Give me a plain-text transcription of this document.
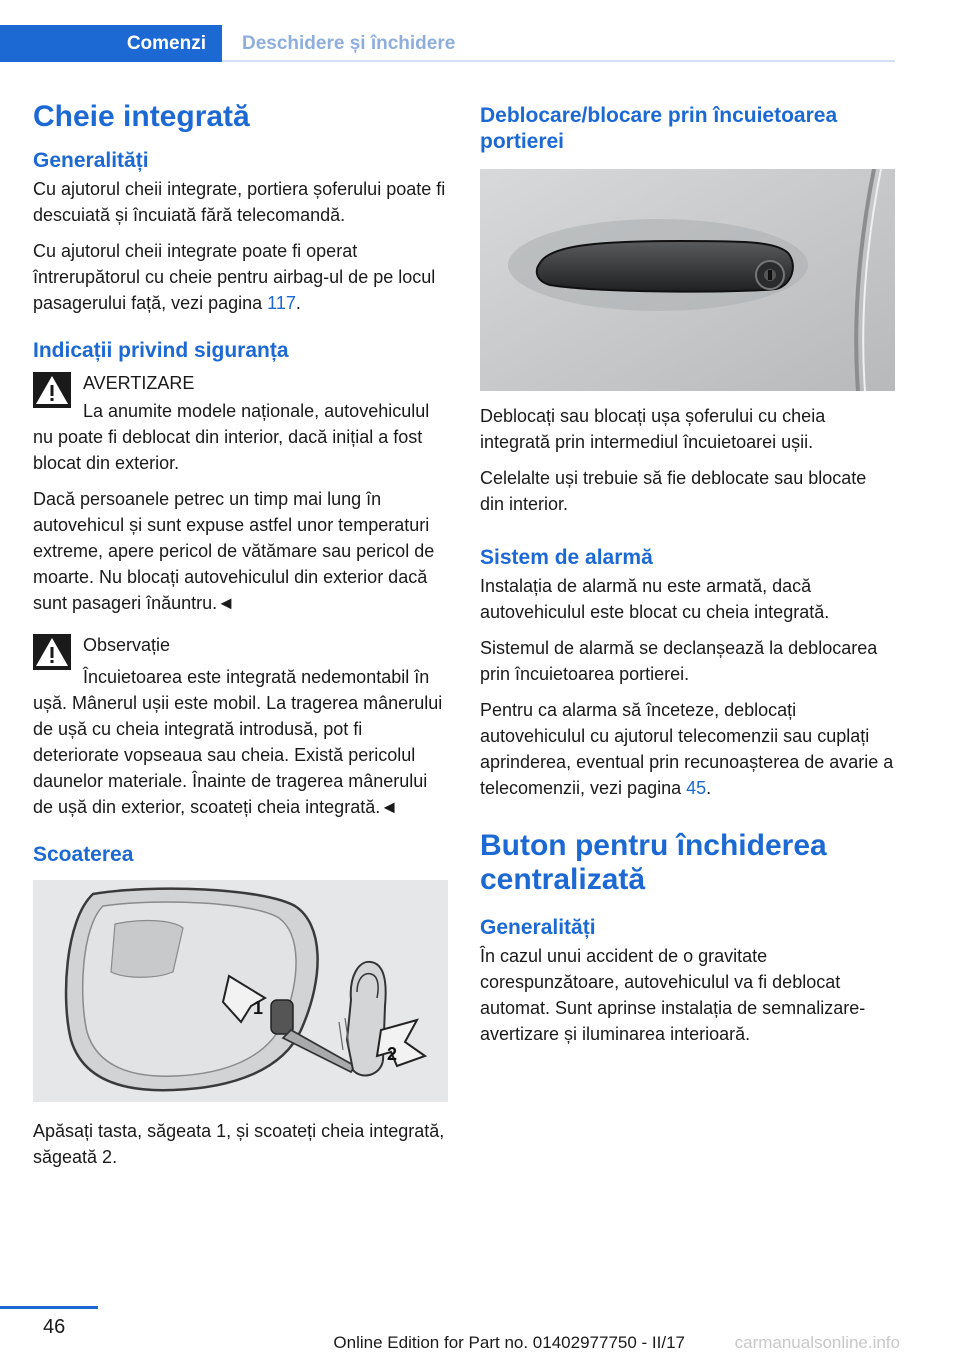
Comenzi	Deschidere și închidere
Cheie integrată
Generalități

Cu ajutorul cheii integrate, portiera șoferului poate fi descuiată și încuiată fără telecomandă.

Cu ajutorul cheii integrate poate fi operat întrerupătorul cu cheie pentru airbag-ul de pe locul pasagerului față, vezi pagina 117.

Indicații privind siguranța

AVERTIZARE

La anumite modele naționale, autovehiculul nu poate fi deblocat din interior, dacă inițial a fost blocat din exterior.

Dacă persoanele petrec un timp mai lung în autovehicul și sunt expuse astfel unor temperaturi extreme, apere pericol de vătămare sau pericol de moarte. Nu blocați autovehiculul din exterior dacă sunt pasageri înăuntru.◄

Observație

Încuietoarea este integrată nedemontabil în ușă. Mânerul ușii este mobil. La tragerea mânerului de ușă cu cheia integrată introdusă, pot fi deteriorate vopseaua sau cheia. Există pericolul daunelor materiale. Înainte de tragerea mânerului de ușă din exterior, scoateți cheia integrată.◄

Scoaterea
1
2

Apăsați tasta, săgeata 1, și scoateți cheia integrată, săgeată 2.

Deblocare/blocare prin încuietoarea portierei

Deblocați sau blocați ușa șoferului cu cheia integrată prin intermediul încuietoarei ușii.

Celelalte uși trebuie să fie deblocate sau blocate din interior.

Sistem de alarmă

Instalația de alarmă nu este armată, dacă autovehiculul este blocat cu cheia integrată.

Sistemul de alarmă se declanșează la deblocarea prin încuietoarea portierei.

Pentru ca alarma să înceteze, deblocați autovehiculul cu ajutorul telecomenzii sau cuplați aprinderea, eventual prin recunoașterea de avarie a telecomenzii, vezi pagina 45.

Buton pentru închiderea centralizată
Generalități

În cazul unui accident de o gravitate corespunzătoare, autovehiculul va fi deblocat automat. Sunt aprinse instalația de semnalizare-avertizare și iluminarea interioară.

46
Online Edition for Part no. 01402977750 - II/17	carmanualsonline.info
